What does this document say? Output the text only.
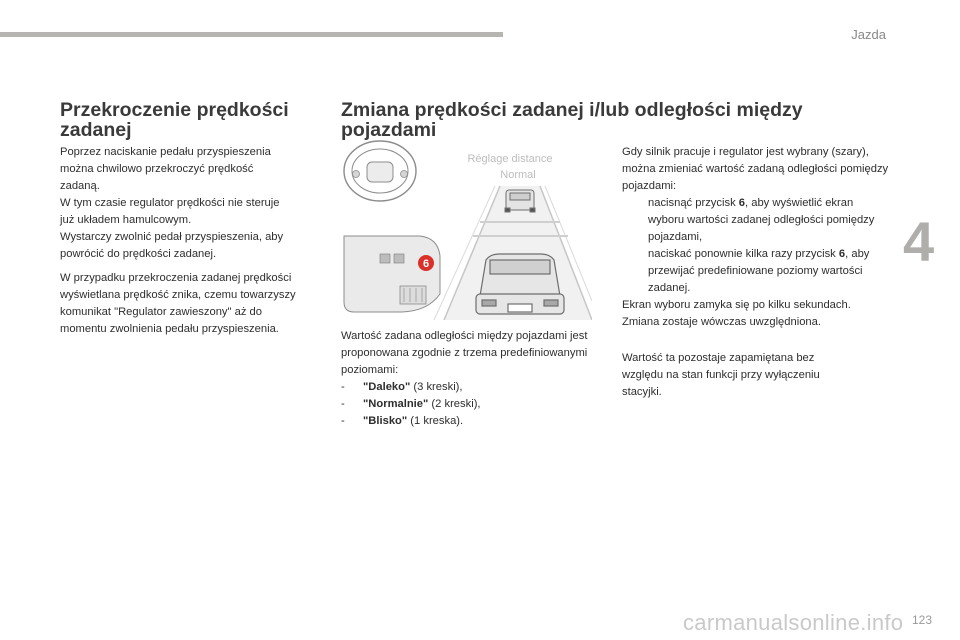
Jazda
4
Przekroczenie prędkości zadanej

Poprzez naciskanie pedału przyspieszenia
można chwilowo przekroczyć prędkość
zadaną.
W tym czasie regulator prędkości nie steruje
już układem hamulcowym.
Wystarczy zwolnić pedał przyspieszenia, aby
powrócić do prędkości zadanej.

W przypadku przekroczenia zadanej prędkości
wyświetlana prędkość znika, czemu towarzyszy
komunikat "Regulator zawieszony" aż do
momentu zwolnienia pedału przyspieszenia.

Zmiana prędkości zadanej i/lub odległości między pojazdami
6
Réglage distance
Normal
Wartość zadana odległości między pojazdami jest proponowana zgodnie z trzema predefiniowanymi poziomami:
-	"Daleko" (3 kreski),
-	"Normalnie" (2 kreski),
-	"Blisko" (1 kreska).
Gdy silnik pracuje i regulator jest wybrany (szary), można zmieniać wartość zadaną odległości pomiędzy pojazdami:
nacisnąć przycisk 6, aby wyświetlić ekran wyboru wartości zadanej odległości pomiędzy pojazdami,
naciskać ponownie kilka razy przycisk 6, aby przewijać predefiniowane poziomy wartości zadanej.
Ekran wyboru zamyka się po kilku sekundach.
Zmiana zostaje wówczas uwzględniona.

Wartość ta pozostaje zapamiętana bez
względu na stan funkcji przy wyłączeniu
stacyjki.

carmanualsonline.info 123
